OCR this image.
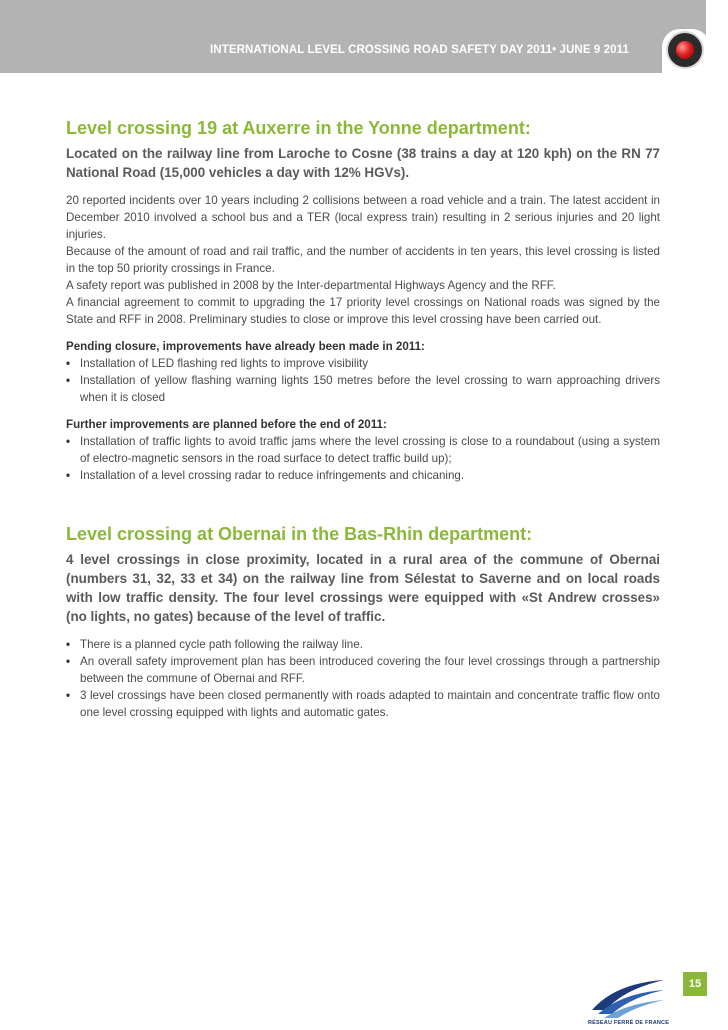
INTERNATIONAL LEVEL CROSSING ROAD SAFETY DAY 2011• JUNE 9 2011
Level crossing 19 at Auxerre in the Yonne department:

Located on the railway line from Laroche to Cosne (38 trains a day at 120 kph) on the RN 77 National Road (15,000 vehicles a day with 12% HGVs).

20 reported incidents over 10 years including 2 collisions between a road vehicle and a train. The latest accident in December 2010 involved a school bus and a TER (local express train) resulting in 2 serious injuries and 20 light injuries.

Because of the amount of road and rail traffic, and the number of accidents in ten years, this level crossing is listed in the top 50 priority crossings in France.

A safety report was published in 2008 by the Inter-departmental Highways Agency and the RFF.

A financial agreement to commit to upgrading the 17 priority level crossings on National roads was signed by the State and RFF in 2008. Preliminary studies to close or improve this level crossing have been carried out.

Pending closure, improvements have already been made in 2011:

• Installation of LED flashing red lights to improve visibility
• Installation of yellow flashing warning lights 150 metres before the level crossing to warn approaching drivers when it is closed

Further improvements are planned before the end of 2011:

• Installation of traffic lights to avoid traffic jams where the level crossing is close to a roundabout (using a system of electro-magnetic sensors in the road surface to detect traffic build up);
• Installation of a level crossing radar to reduce infringements and chicaning.
Level crossing at Obernai in the Bas-Rhin department:

4 level crossings in close proximity, located in a rural area of the commune of Obernai (numbers 31, 32, 33 et 34) on the railway line from Sélestat to Saverne and on local roads with low traffic density. The four level crossings were equipped with «St Andrew crosses» (no lights, no gates) because of the level of traffic.

• There is a planned cycle path following the railway line.
• An overall safety improvement plan has been introduced covering the four level crossings through a partnership between the commune of Obernai and RFF.
• 3 level crossings have been closed permanently with roads adapted to maintain and concentrate traffic flow onto one level crossing equipped with lights and automatic gates.
RÉSEAU FERRÉ DE FRANCE
15
